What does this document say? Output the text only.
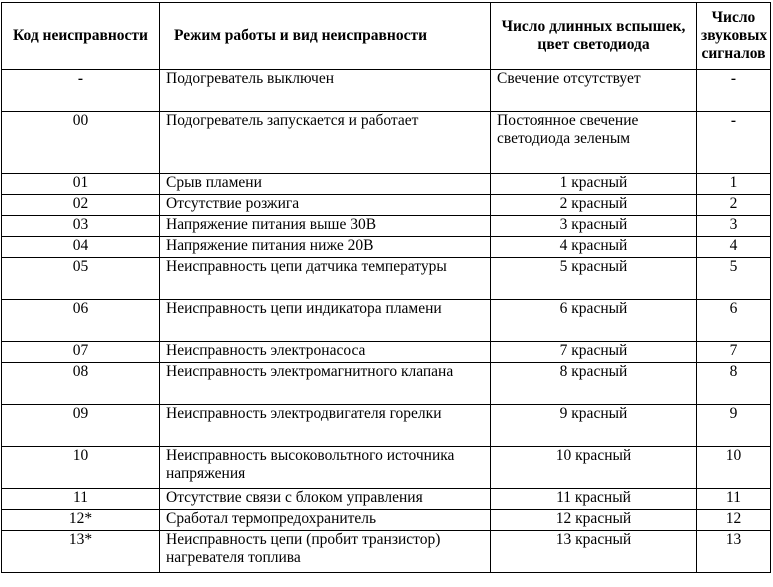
Код неисправности	Режим работы и вид неисправности	Число длинных вспышек, цвет светодиода	Число звуковых сигналов
-	Подогреватель выключен	Свечение отсутствует	-
00	Подогреватель запускается и работает	Постоянное свечение светодиода зеленым	-
01	Срыв пламени	1 красный	1
02	Отсутствие розжига	2 красный	2
03	Напряжение питания выше 30В	3 красный	3
04	Напряжение питания ниже 20В	4 красный	4
05	Неисправность цепи датчика температуры	5 красный	5
06	Неисправность цепи индикатора пламени	6 красный	6
07	Неисправность электронасоса	7 красный	7
08	Неисправность электромагнитного клапана	8 красный	8
09	Неисправность электродвигателя горелки	9 красный	9
10	Неисправность высоковольтного источника напряжения	10 красный	10
11	Отсутствие связи с блоком управления	11 красный	11
12*	Сработал термопредохранитель	12 красный	12
13*	Неисправность цепи (пробит транзистор) нагревателя топлива	13 красный	13
